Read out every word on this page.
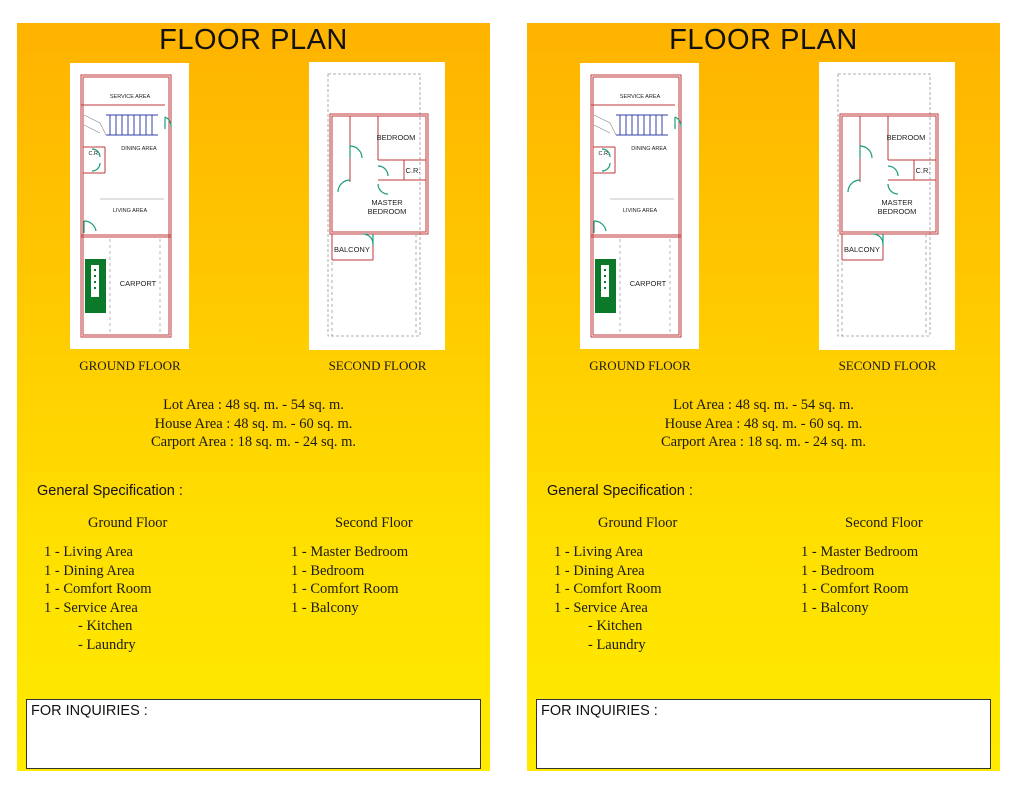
FLOOR PLAN
SERVICE AREA
DINING AREA
C.R.
LIVING AREA
CARPORT
BEDROOM
C.R.
MASTER
BEDROOM
BALCONY
GROUND FLOOR	SECOND FLOOR
Lot Area : 48 sq. m. - 54 sq. m.
House Area : 48 sq. m. - 60 sq. m.
Carport Area : 18 sq. m. - 24 sq. m.
General Specification :
Ground Floor	Second Floor
1 - Living Area
1 - Dining Area
1 - Comfort Room
1 - Service Area
- Kitchen
- Laundry
1 - Master Bedroom
1 - Bedroom
1 - Comfort Room
1 - Balcony
FOR INQUIRIES :
FLOOR PLAN
SERVICE AREA
DINING AREA
C.R.
LIVING AREA
CARPORT
BEDROOM
C.R.
MASTER
BEDROOM
BALCONY
GROUND FLOOR	SECOND FLOOR
Lot Area : 48 sq. m. - 54 sq. m.
House Area : 48 sq. m. - 60 sq. m.
Carport Area : 18 sq. m. - 24 sq. m.
General Specification :
Ground Floor	Second Floor
1 - Living Area
1 - Dining Area
1 - Comfort Room
1 - Service Area
- Kitchen
- Laundry
1 - Master Bedroom
1 - Bedroom
1 - Comfort Room
1 - Balcony
FOR INQUIRIES :
